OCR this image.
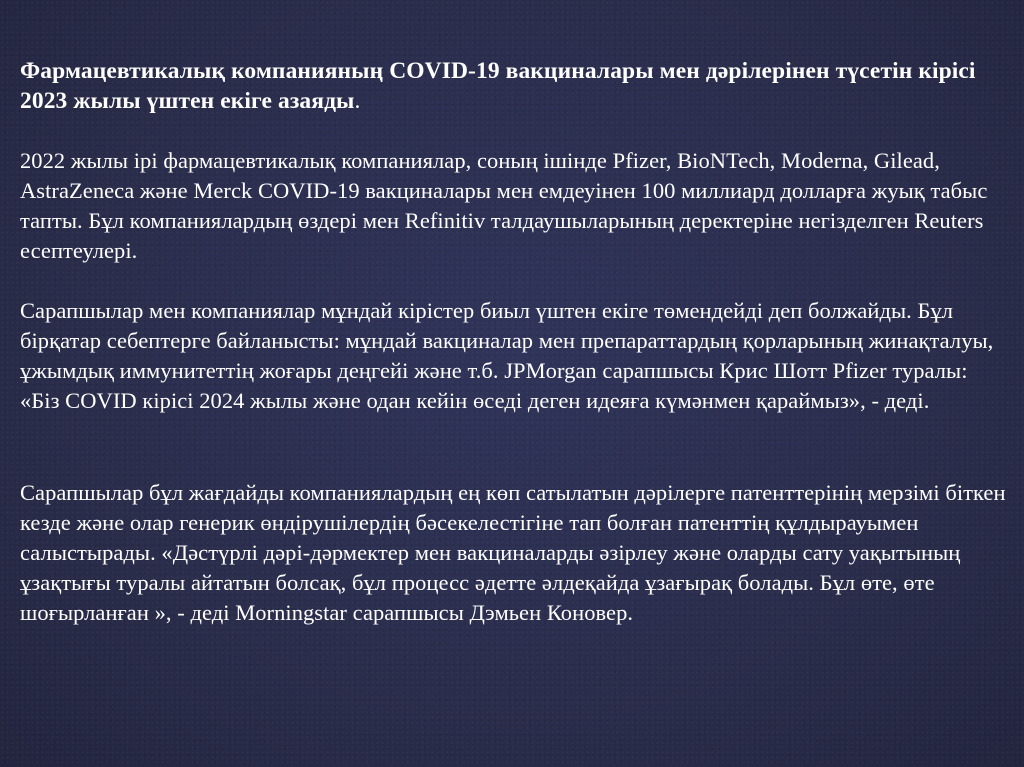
Фармацевтикалық компанияның COVID-19 вакциналары мен дәрілерінен түсетін кірісі 2023 жылы үштен екіге азаяды.

2022 жылы ірі фармацевтикалық компаниялар, соның ішінде Pfizer, BioNTech, Moderna, Gilead, AstraZeneca және Merck COVID-19 вакциналары мен емдеуінен 100 миллиард долларға жуық табыс тапты. Бұл компаниялардың өздері мен Refinitiv талдаушыларының деректеріне негізделген Reuters есептеулері.

Сарапшылар мен компаниялар мұндай кірістер биыл үштен екіге төмендейді деп болжайды. Бұл бірқатар себептерге байланысты: мұндай вакциналар мен препараттардың қорларының жинақталуы, ұжымдық иммунитеттің жоғары деңгейі және т.б. JPMorgan сарапшысы Крис Шотт Pfizer туралы: «Біз COVID кірісі 2024 жылы және одан кейін өседі деген идеяға күмәнмен қараймыз», - деді.

Сарапшылар бұл жағдайды компаниялардың ең көп сатылатын дәрілерге патенттерінің мерзімі біткен кезде және олар генерик өндірушілердің бәсекелестігіне тап болған патенттің құлдырауымен салыстырады. «Дәстүрлі дәрі-дәрмектер мен вакциналарды әзірлеу және оларды сату уақытының ұзақтығы туралы айтатын болсақ, бұл процесс әдетте әлдеқайда ұзағырақ болады. Бұл өте, өте шоғырланған », - деді Morningstar сарапшысы Дэмьен Коновер.
